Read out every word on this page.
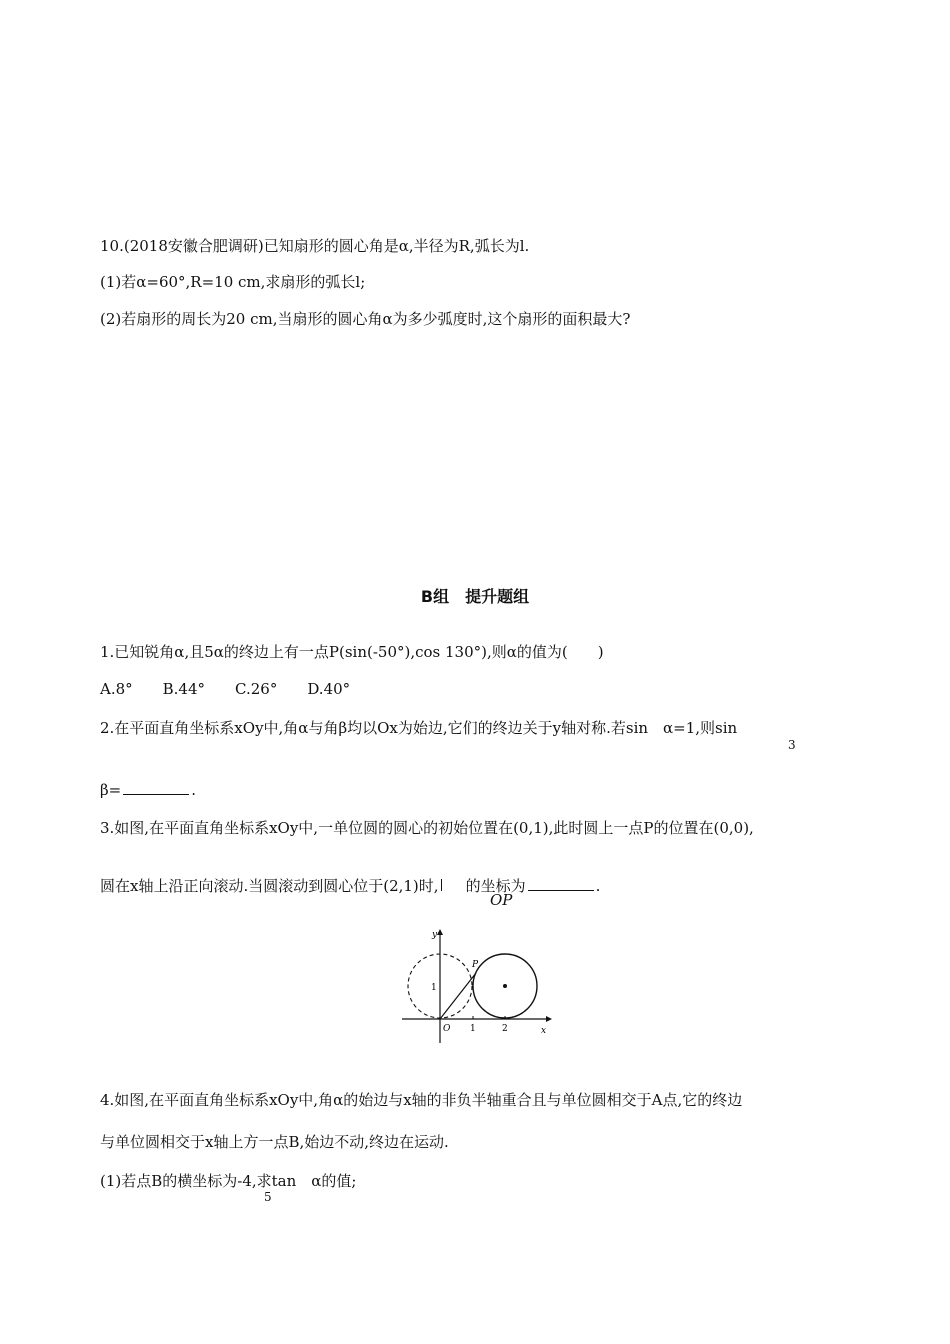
10.(2018安徽合肥调研)已知扇形的圆心角是α,半径为R,弧长为l.
(1)若α=60°,R=10 cm,求扇形的弧长l;
(2)若扇形的周长为20 cm,当扇形的圆心角α为多少弧度时,这个扇形的面积最大?
B组　提升题组
1.已知锐角α,且5α的终边上有一点P(sin(-50°),cos 130°),则α的值为(　　)
A.8°　　B.44°　　C.26°　　D.40°
2.在平面直角坐标系xOy中,角α与角β均以Ox为始边,它们的终边关于y轴对称.若sin　α=1,则sin
3
β=	.
3.如图,在平面直角坐标系xOy中,一单位圆的圆心的初始位置在(0,1),此时圆上一点P的位置在(0,0),
圆在x轴上沿正向滚动.当圆滚动到圆心位于(2,1)时, 的坐标为	.
OP
y
x
P
1
O 1	2
4.如图,在平面直角坐标系xOy中,角α的始边与x轴的非负半轴重合且与单位圆相交于A点,它的终边
与单位圆相交于x轴上方一点B,始边不动,终边在运动.
(1)若点B的横坐标为-4,求tan　α的值;
5
